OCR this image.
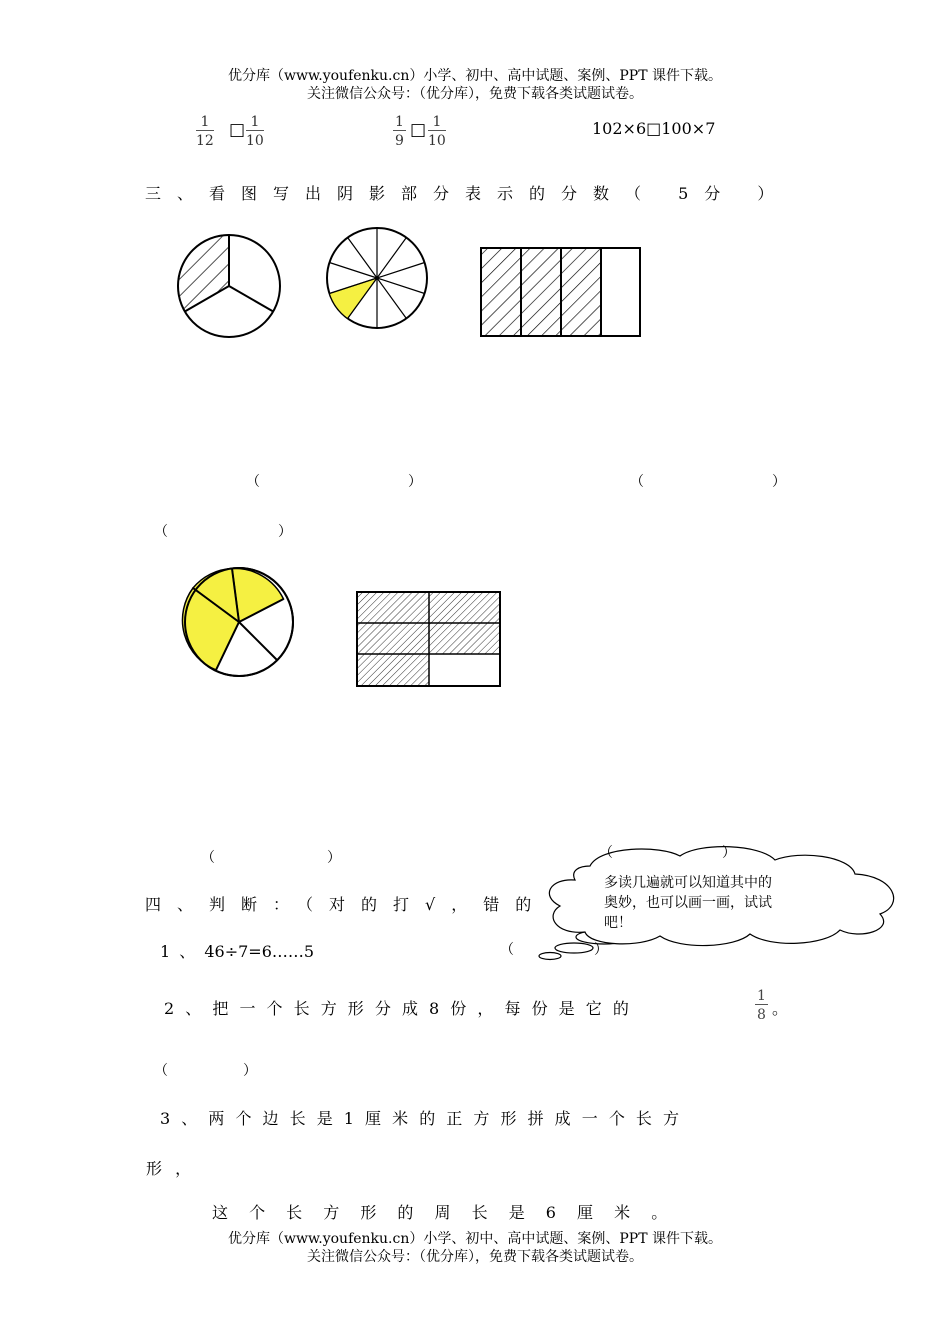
优分库（www.youfenku.cn）小学、初中、高中试题、案例、PPT 课件下载。
关注微信公众号：（优分库），免费下载各类试题试卷。
$\frac{1}{12}$ □ $\frac{1}{10}$	$\frac{1}{9}$ □ $\frac{1}{10}$	102×6□100×7
三、看图写出阴影部分表示的分数（ 5分 ）
（	）	（	）
（	）
（	）	（	）
多读几遍就可以知道其中的
奥妙，也可以画一画，试试
吧！
四、判断：（对的打√，错的
1 、 46÷7=6……5	（	）
2 、 把 一 个 长 方 形 分 成 8 份 ， 每 份 是 它 的	$\frac{1}{8}$ 。
（	）
3 、 两 个 边 长 是 1 厘 米 的 正 方 形 拼 成 一 个 长 方
形 ，
这 个 长 方 形 的 周 长 是 6 厘 米 。
优分库（www.youfenku.cn）小学、初中、高中试题、案例、PPT 课件下载。
关注微信公众号：（优分库），免费下载各类试题试卷。
